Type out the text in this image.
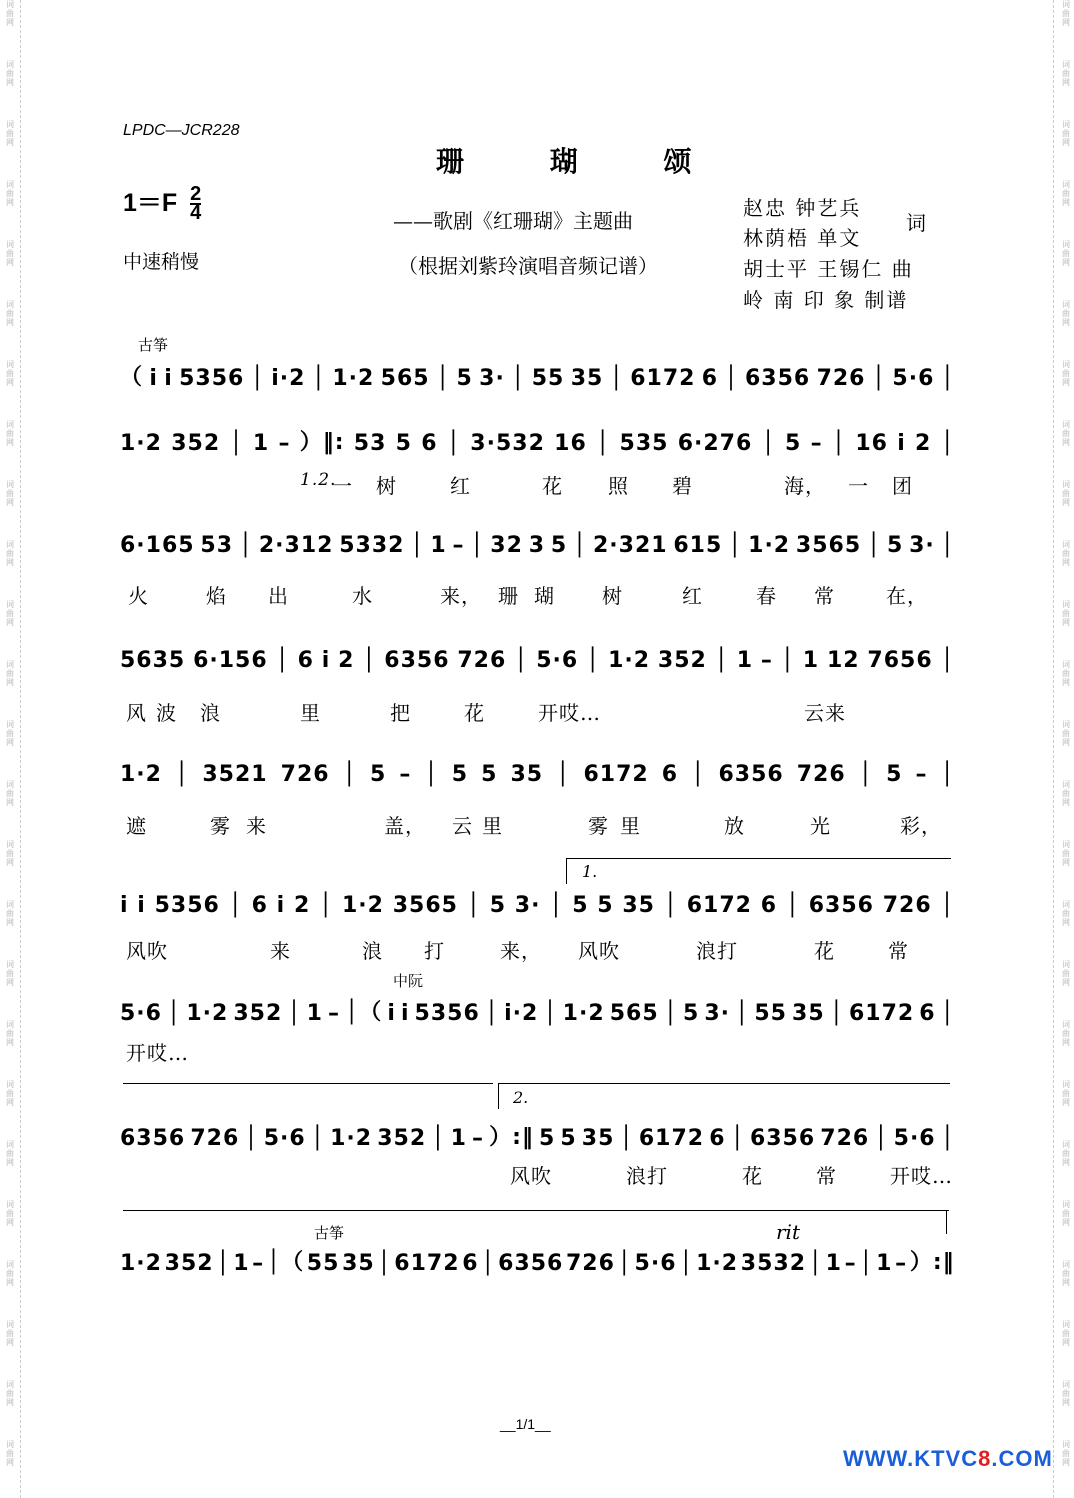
词曲网
词曲网
词曲网
词曲网
词曲网
词曲网
词曲网
词曲网
词曲网
词曲网
词曲网
词曲网
词曲网
词曲网
词曲网
词曲网
词曲网
词曲网
词曲网
词曲网
词曲网
词曲网
词曲网
词曲网
词曲网
词曲网
词曲网
词曲网
词曲网
词曲网
词曲网
词曲网
词曲网
词曲网
词曲网
词曲网
词曲网
词曲网
词曲网
词曲网
词曲网
词曲网
词曲网
词曲网
词曲网
词曲网
词曲网
词曲网
词曲网
词曲网
LPDC—JCR228
珊 瑚 颂
$1=F \frac{2}{4}$
中速稍慢
——歌剧《红珊瑚》主题曲
（根据刘紫玲演唱音频记谱）
赵忠 钟艺兵
林荫梧 单文
词
胡士平 王锡仁 曲
岭 南 印 象 制谱
古筝
中阮
古筝
（ i i 5356 │ i·2 │ 1·2 565 │ 5 3· │ 55 35 │ 6172 6 │ 6356 726 │ 5·6 │
1·2 352 │ 1 – ）‖: 53 5 6 │ 3·532 16 │ 535 6·276 │ 5 – │ 16 i 2 │
6·165 53 │ 2·312 5332 │ 1 – │ 32 3 5 │ 2·321 615 │ 1·2 3565 │ 5 3· │
5635 6·156 │ 6 i 2 │ 6356 726 │ 5·6 │ 1·2 352 │ 1 – │ 1 12 7656 │
1·2 │ 3521 726 │ 5 – │ 5 5 35 │ 6172 6 │ 6356 726 │ 5 – │
i i 5356 │ 6 i 2 │ 1·2 3565 │ 5 3· │ 5 5 35 │ 6172 6 │ 6356 726 │
5·6 │ 1·2 352 │ 1 – │（ i i 5356 │ i·2 │ 1·2 565 │ 5 3· │ 55 35 │ 6172 6 │
6356 726 │ 5·6 │ 1·2 352 │ 1 – ）:‖ 5 5 35 │ 6172 6 │ 6356 726 │ 5·6 │
1·2 352 │ 1 – │（ 55 35 │ 6172 6 │ 6356 726 │ 5·6 │ 1·2 3532 │ 1 – │ 1 – ）:‖
1.
2.
rit
1.2.
一 树	红	花 照 碧	海， 一 团
火	焰 出	水	来， 珊 瑚 树	红	春 常	在，
风 波 浪	里	把	花	开哎…	云来
遮	雾 来	盖， 云 里	雾 里	放	光	彩，
风吹	来	浪 打	来， 风吹	浪打	花	常
开哎…
风吹	浪打	花	常	开哎…
__1/1__
WWW.KTVC8.COM
